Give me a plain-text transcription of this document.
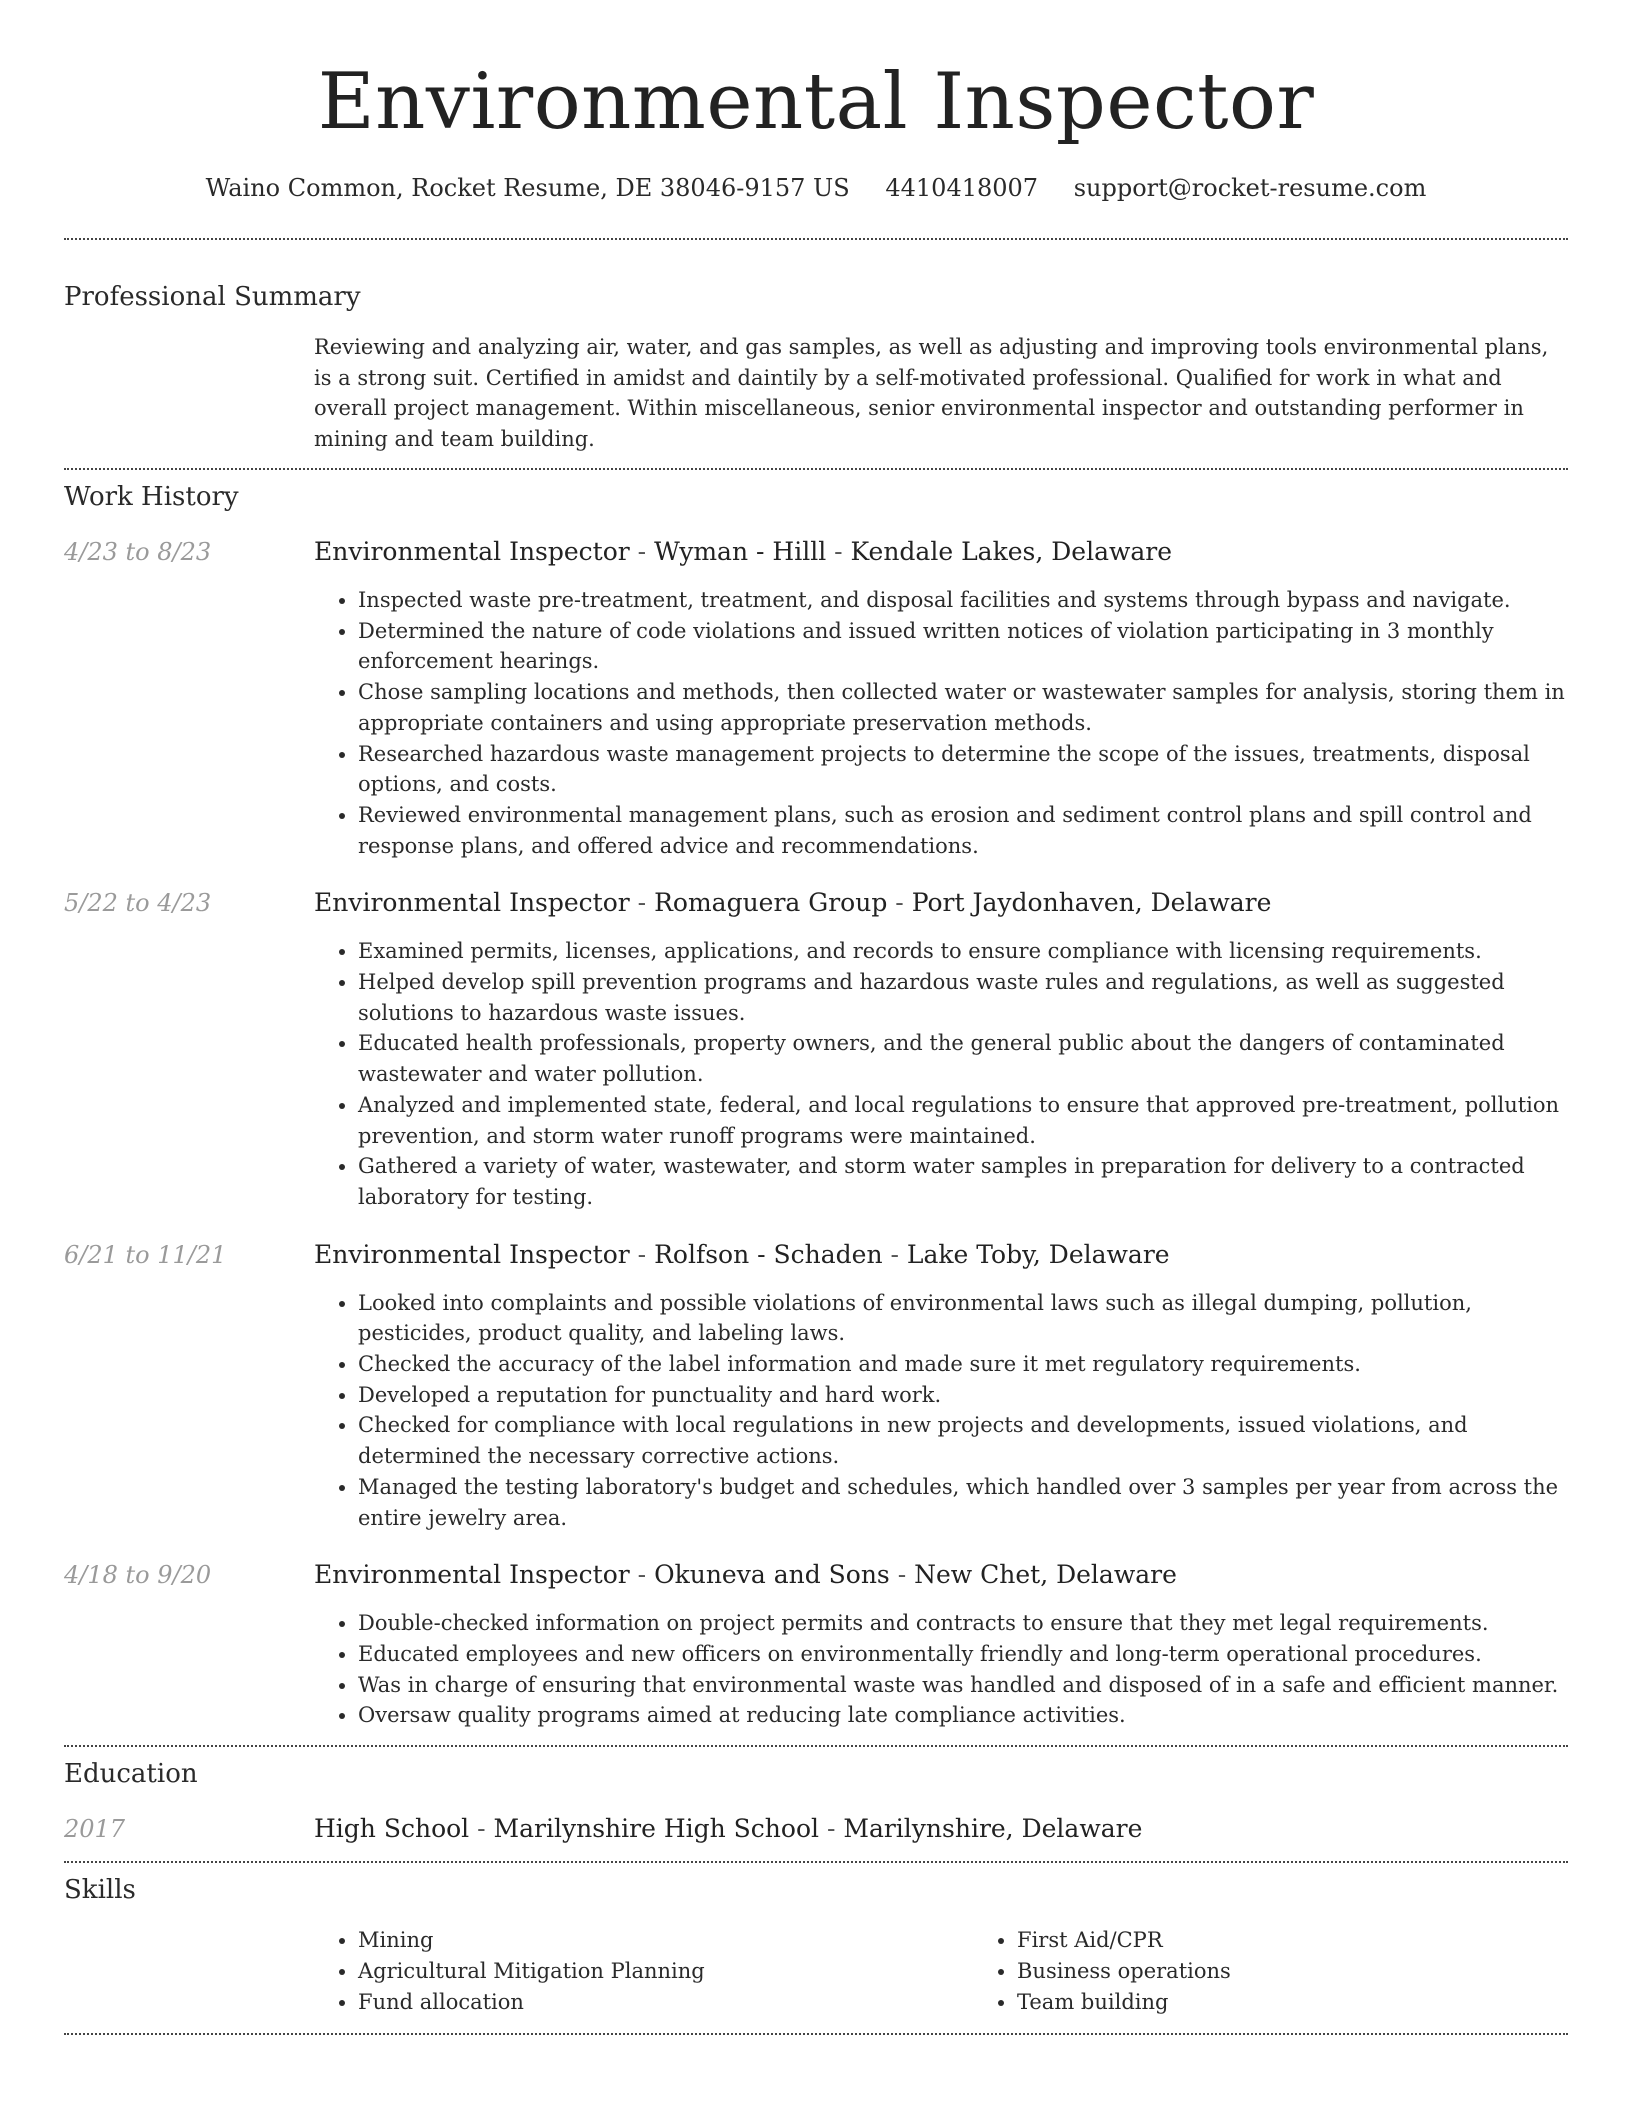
Environmental Inspector
Waino Common, Rocket Resume, DE 38046-9157 US 4410418007 support@rocket-resume.com
Professional Summary
Reviewing and analyzing air, water, and gas samples, as well as adjusting and improving tools environmental plans, is a strong suit. Certified in amidst and daintily by a self-motivated professional. Qualified for work in what and overall project management. Within miscellaneous, senior environmental inspector and outstanding performer in mining and team building.
Work History
4/23 to 8/23	Environmental Inspector - Wyman - Hilll - Kendale Lakes, Delaware
• Inspected waste pre-treatment, treatment, and disposal facilities and systems through bypass and navigate.
• Determined the nature of code violations and issued written notices of violation participating in 3 monthly enforcement hearings.
• Chose sampling locations and methods, then collected water or wastewater samples for analysis, storing them in appropriate containers and using appropriate preservation methods.
• Researched hazardous waste management projects to determine the scope of the issues, treatments, disposal options, and costs.
• Reviewed environmental management plans, such as erosion and sediment control plans and spill control and response plans, and offered advice and recommendations.
5/22 to 4/23	Environmental Inspector - Romaguera Group - Port Jaydonhaven, Delaware
• Examined permits, licenses, applications, and records to ensure compliance with licensing requirements.
• Helped develop spill prevention programs and hazardous waste rules and regulations, as well as suggested solutions to hazardous waste issues.
• Educated health professionals, property owners, and the general public about the dangers of contaminated wastewater and water pollution.
• Analyzed and implemented state, federal, and local regulations to ensure that approved pre-treatment, pollution prevention, and storm water runoff programs were maintained.
• Gathered a variety of water, wastewater, and storm water samples in preparation for delivery to a contracted laboratory for testing.
6/21 to 11/21	Environmental Inspector - Rolfson - Schaden - Lake Toby, Delaware
• Looked into complaints and possible violations of environmental laws such as illegal dumping, pollution, pesticides, product quality, and labeling laws.
• Checked the accuracy of the label information and made sure it met regulatory requirements.
• Developed a reputation for punctuality and hard work.
• Checked for compliance with local regulations in new projects and developments, issued violations, and determined the necessary corrective actions.
• Managed the testing laboratory's budget and schedules, which handled over 3 samples per year from across the entire jewelry area.
4/18 to 9/20	Environmental Inspector - Okuneva and Sons - New Chet, Delaware
• Double-checked information on project permits and contracts to ensure that they met legal requirements.
• Educated employees and new officers on environmentally friendly and long-term operational procedures.
• Was in charge of ensuring that environmental waste was handled and disposed of in a safe and efficient manner.
• Oversaw quality programs aimed at reducing late compliance activities.
Education
2017	High School - Marilynshire High School - Marilynshire, Delaware
Skills
• Mining
• Agricultural Mitigation Planning
• Fund allocation
• First Aid/CPR
• Business operations
• Team building
